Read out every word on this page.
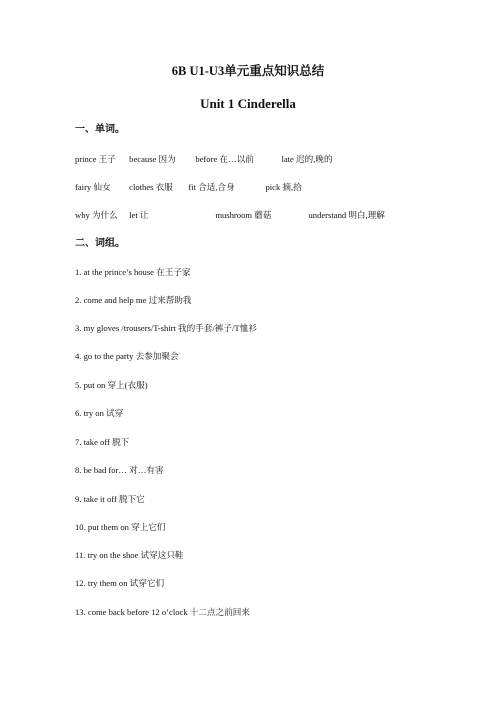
6B U1-U3单元重点知识总结
Unit 1 Cinderella
一、单词。
prince 王子 because 因为 before 在…以前	late 迟的,晚的
fairy 仙女 clothes 衣服 fit 合适,合身	pick 摘,拾
why 为什么 let 让	mushroom 蘑菇	understand 明白,理解
二、词组。
1. at the prince’s house 在王子家
2. come and help me 过来帮助我
3. my gloves /trousers/T-shirt 我的手套/裤子/T恤衫
4. go to the party 去参加聚会
5. put on 穿上(衣服)
6. try on 试穿
7. take off 脱下
8. be bad for… 对…有害
9. take it off 脱下它
10. put them on 穿上它们
11. try on the shoe 试穿这只鞋
12. try them on 试穿它们
13. come back before 12 o’clock 十二点之前回来
